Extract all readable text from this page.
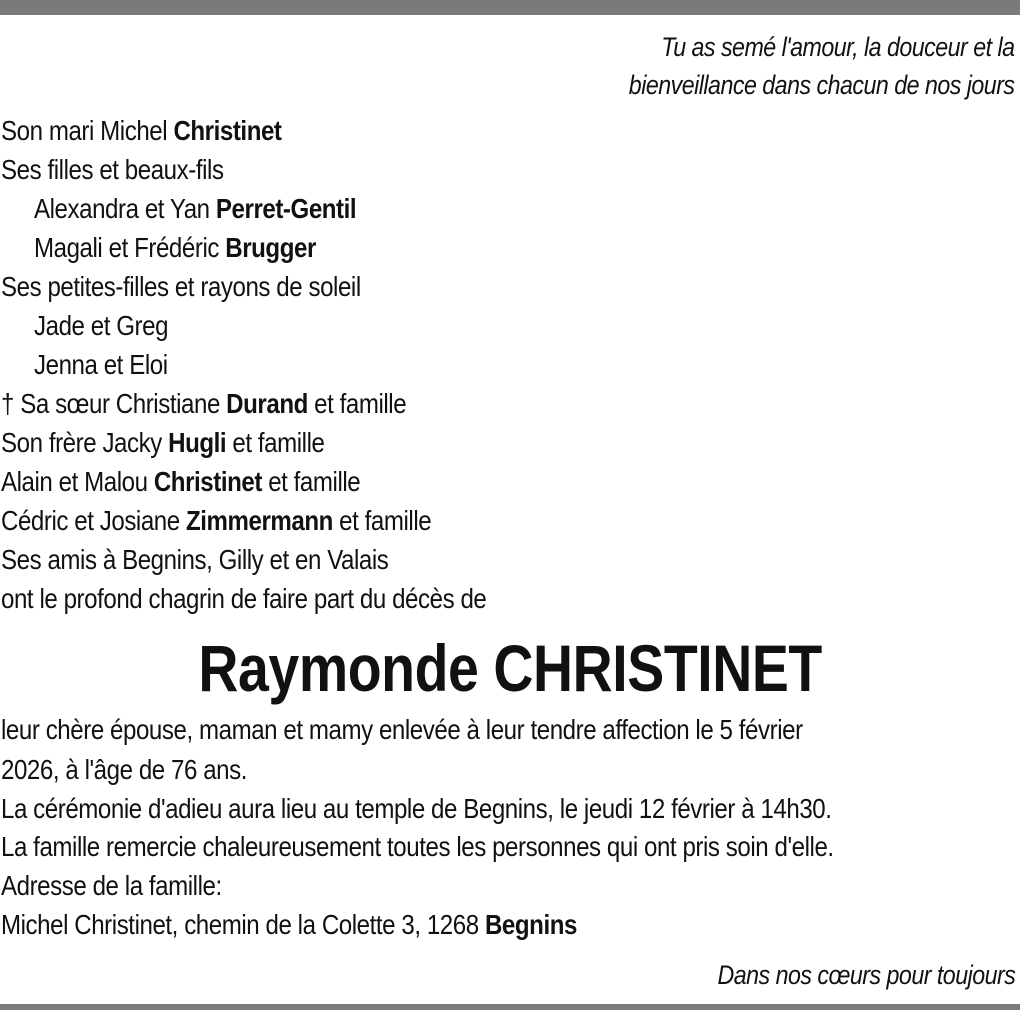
Tu as semé l'amour, la douceur et la
bienveillance dans chacun de nos jours
Son mari Michel Christinet
Ses filles et beaux-fils
Alexandra et Yan Perret-Gentil
Magali et Frédéric Brugger
Ses petites-filles et rayons de soleil
Jade et Greg
Jenna et Eloi
† Sa sœur Christiane Durand et famille
Son frère Jacky Hugli et famille
Alain et Malou Christinet et famille
Cédric et Josiane Zimmermann et famille
Ses amis à Begnins, Gilly et en Valais
ont le profond chagrin de faire part du décès de
Raymonde CHRISTINET
leur chère épouse, maman et mamy enlevée à leur tendre affection le 5 février
2026, à l'âge de 76 ans.
La cérémonie d'adieu aura lieu au temple de Begnins, le jeudi 12 février à 14h30.
La famille remercie chaleureusement toutes les personnes qui ont pris soin d'elle.
Adresse de la famille:
Michel Christinet, chemin de la Colette 3, 1268 Begnins
Dans nos cœurs pour toujours
